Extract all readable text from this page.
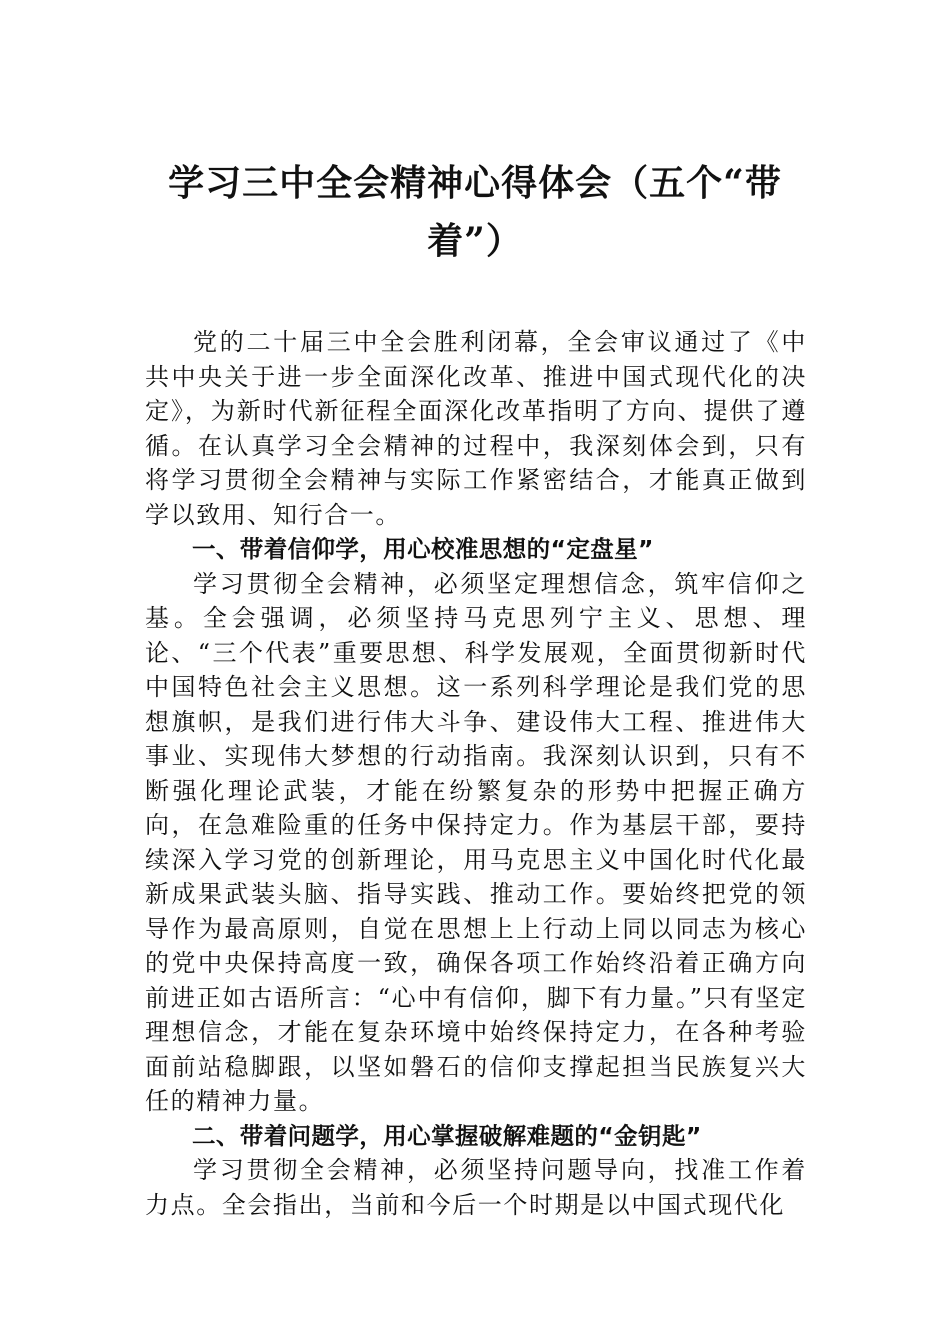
学习三中全会精神心得体会（五个“带着”）

党的二十届三中全会胜利闭幕，全会审议通过了《中共中央关于进一步全面深化改革、推进中国式现代化的决定》，为新时代新征程全面深化改革指明了方向、提供了遵循。在认真学习全会精神的过程中，我深刻体会到，只有将学习贯彻全会精神与实际工作紧密结合，才能真正做到学以致用、知行合一。

一、带着信仰学，用心校准思想的“定盘星”

学习贯彻全会精神，必须坚定理想信念，筑牢信仰之基。全会强调，必须坚持马克思列宁主义、思想、理论、“三个代表”重要思想、科学发展观，全面贯彻新时代中国特色社会主义思想。这一系列科学理论是我们党的思想旗帜，是我们进行伟大斗争、建设伟大工程、推进伟大事业、实现伟大梦想的行动指南。我深刻认识到，只有不断强化理论武装，才能在纷繁复杂的形势中把握正确方向，在急难险重的任务中保持定力。作为基层干部，要持续深入学习党的创新理论，用马克思主义中国化时代化最新成果武装头脑、指导实践、推动工作。要始终把党的领导作为最高原则，自觉在思想上上行动上同以同志为核心的党中央保持高度一致，确保各项工作始终沿着正确方向前进正如古语所言：“心中有信仰，脚下有力量。”只有坚定理想信念，才能在复杂环境中始终保持定力，在各种考验面前站稳脚跟，以坚如磐石的信仰支撑起担当民族复兴大任的精神力量。

二、带着问题学，用心掌握破解难题的“金钥匙”

学习贯彻全会精神，必须坚持问题导向，找准工作着力点。全会指出，当前和今后一个时期是以中国式现代化
